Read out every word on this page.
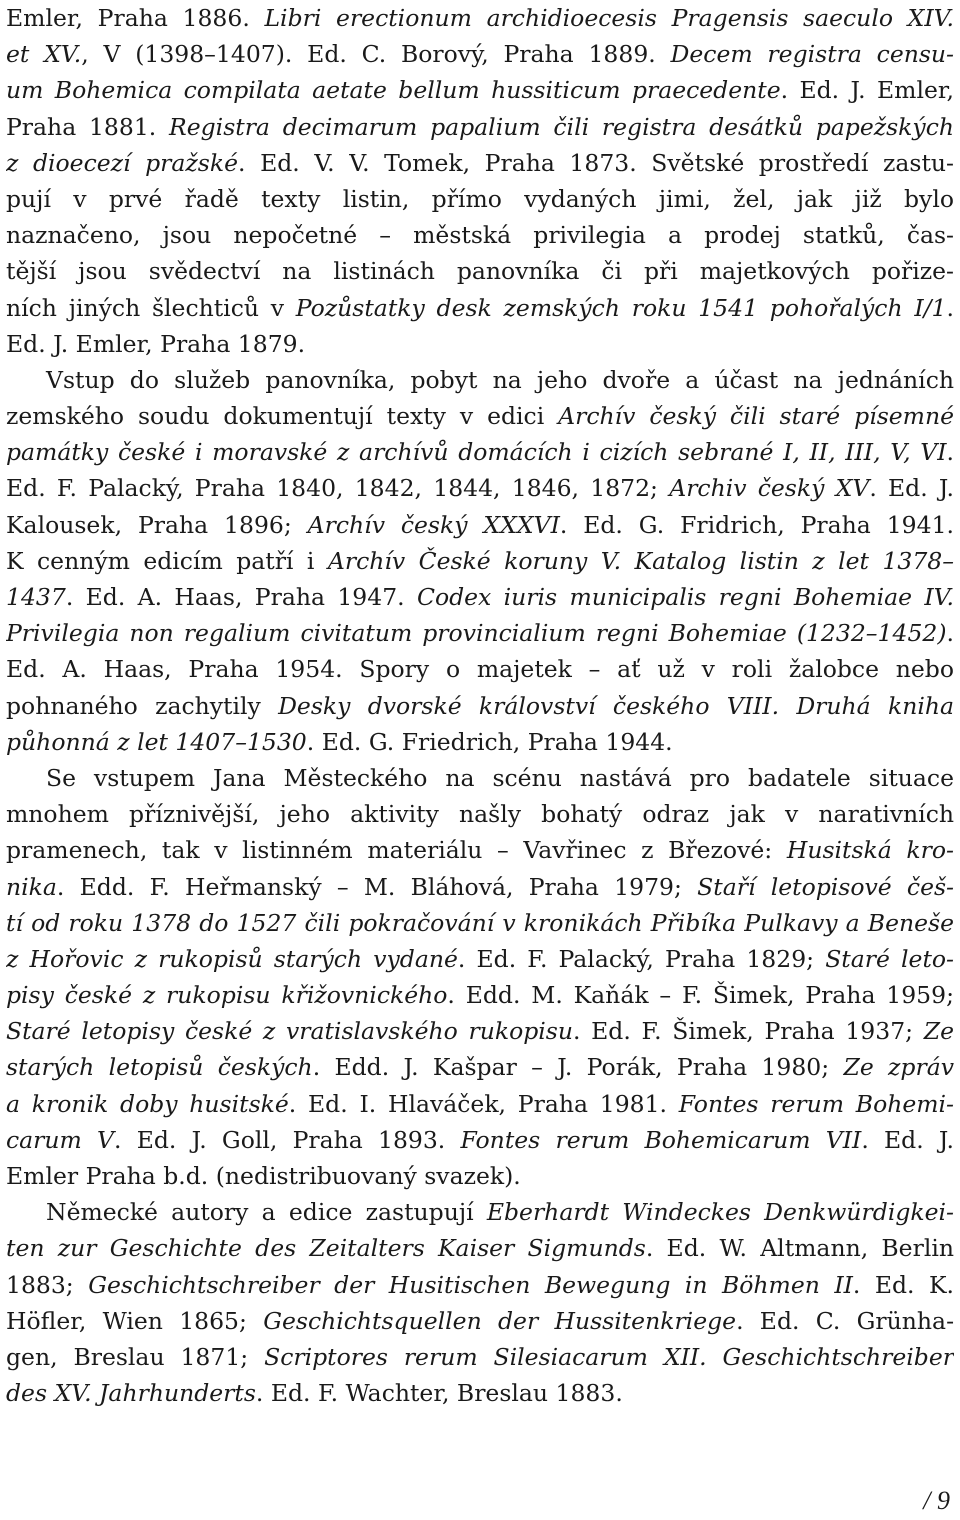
Emler, Praha 1886. Libri erectionum archidioecesis Pragensis saeculo XIV.
et XV., V (1398–1407). Ed. C. Borový, Praha 1889. Decem registra censu-
um Bohemica compilata aetate bellum hussiticum praecedente. Ed. J. Emler,
Praha 1881. Registra decimarum papalium čili registra desátků papežských
z dioecezí pražské. Ed. V. V. Tomek, Praha 1873. Světské prostředí zastu-
pují v prvé řadě texty listin, přímo vydaných jimi, žel, jak již bylo
naznačeno, jsou nepočetné – městská privilegia a prodej statků, čas-
tější jsou svědectví na listinách panovníka či při majetkových pořize-
ních jiných šlechticů v Pozůstatky desk zemských roku 1541 pohořalých I/1.
Ed. J. Emler, Praha 1879.
Vstup do služeb panovníka, pobyt na jeho dvoře a účast na jednáních
zemského soudu dokumentují texty v edici Archív český čili staré písemné
památky české i moravské z archívů domácích i cizích sebrané I, II, III, V, VI.
Ed. F. Palacký, Praha 1840, 1842, 1844, 1846, 1872; Archiv český XV. Ed. J.
Kalousek, Praha 1896; Archív český XXXVI. Ed. G. Fridrich, Praha 1941.
K cenným edicím patří i Archív České koruny V. Katalog listin z let 1378–
1437. Ed. A. Haas, Praha 1947. Codex iuris municipalis regni Bohemiae IV.
Privilegia non regalium civitatum provincialium regni Bohemiae (1232–1452).
Ed. A. Haas, Praha 1954. Spory o majetek – ať už v roli žalobce nebo
pohnaného zachytily Desky dvorské království českého VIII. Druhá kniha
půhonná z let 1407–1530. Ed. G. Friedrich, Praha 1944.
Se vstupem Jana Městeckého na scénu nastává pro badatele situace
mnohem příznivější, jeho aktivity našly bohatý odraz jak v narativních
pramenech, tak v listinném materiálu – Vavřinec z Březové: Husitská kro-
nika. Edd. F. Heřmanský – M. Bláhová, Praha 1979; Staří letopisové češ-
tí od roku 1378 do 1527 čili pokračování v kronikách Přibíka Pulkavy a Beneše
z Hořovic z rukopisů starých vydané. Ed. F. Palacký, Praha 1829; Staré leto-
pisy české z rukopisu křižovnického. Edd. M. Kaňák – F. Šimek, Praha 1959;
Staré letopisy české z vratislavského rukopisu. Ed. F. Šimek, Praha 1937; Ze
starých letopisů českých. Edd. J. Kašpar – J. Porák, Praha 1980; Ze zpráv
a kronik doby husitské. Ed. I. Hlaváček, Praha 1981. Fontes rerum Bohemi-
carum V. Ed. J. Goll, Praha 1893. Fontes rerum Bohemicarum VII. Ed. J.
Emler Praha b.d. (nedistribuovaný svazek).
Německé autory a edice zastupují Eberhardt Windeckes Denkwürdigkei-
ten zur Geschichte des Zeitalters Kaiser Sigmunds. Ed. W. Altmann, Berlin
1883; Geschichtschreiber der Husitischen Bewegung in Böhmen II. Ed. K.
Höfler, Wien 1865; Geschichtsquellen der Hussitenkriege. Ed. C. Grünha-
gen, Breslau 1871; Scriptores rerum Silesiacarum XII. Geschichtschreiber
des XV. Jahrhunderts. Ed. F. Wachter, Breslau 1883.
/ 9
